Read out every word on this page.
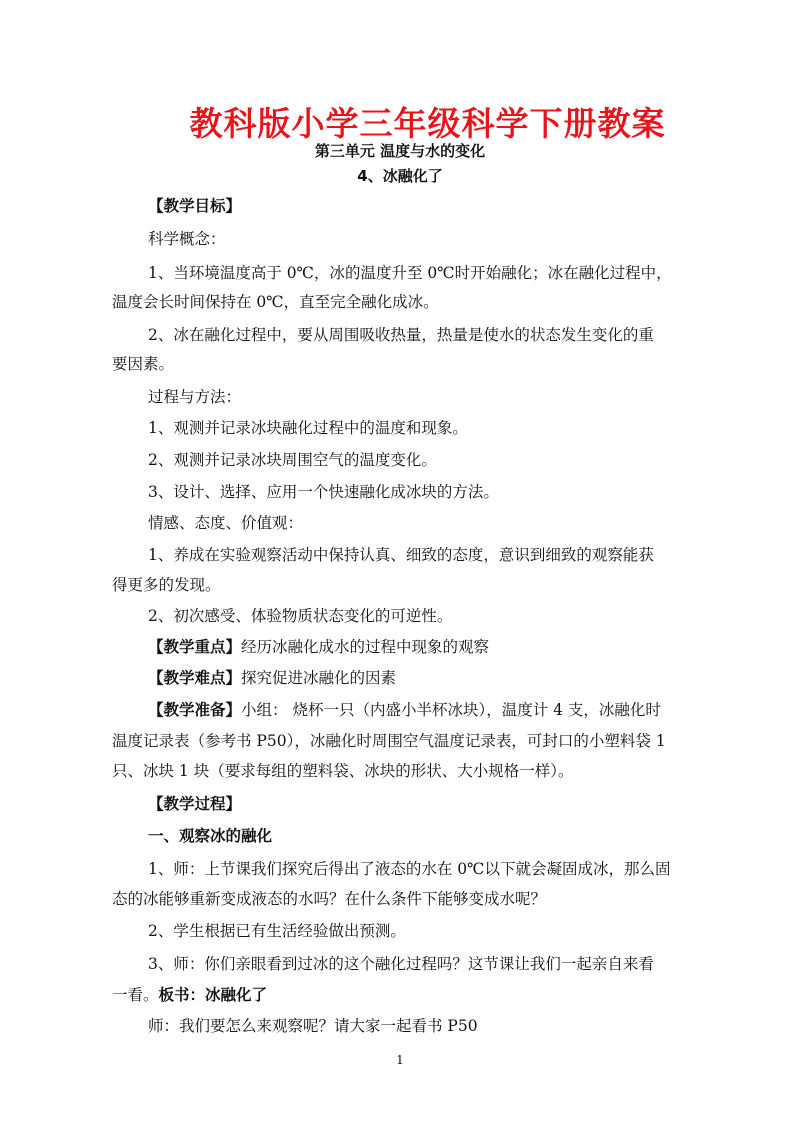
教科版小学三年级科学下册教案
第三单元 温度与水的变化
4、冰融化了
【教学目标】
科学概念：
1、当环境温度高于 0℃，冰的温度升至 0℃时开始融化；冰在融化过程中，
温度会长时间保持在 0℃，直至完全融化成冰。
2、冰在融化过程中，要从周围吸收热量，热量是使水的状态发生变化的重
要因素。
过程与方法：
1、观测并记录冰块融化过程中的温度和现象。
2、观测并记录冰块周围空气的温度变化。
3、设计、选择、应用一个快速融化成冰块的方法。
情感、态度、价值观：
1、养成在实验观察活动中保持认真、细致的态度，意识到细致的观察能获
得更多的发现。
2、初次感受、体验物质状态变化的可逆性。
【教学重点】经历冰融化成水的过程中现象的观察
【教学难点】探究促进冰融化的因素
【教学准备】小组： 烧杯一只（内盛小半杯冰块），温度计 4 支，冰融化时
温度记录表（参考书 P50），冰融化时周围空气温度记录表，可封口的小塑料袋 1
只、冰块 1 块（要求每组的塑料袋、冰块的形状、大小规格一样）。
【教学过程】
一、观察冰的融化
1、师：上节课我们探究后得出了液态的水在 0℃以下就会凝固成冰，那么固
态的冰能够重新变成液态的水吗？在什么条件下能够变成水呢？
2、学生根据已有生活经验做出预测。
3、师：你们亲眼看到过冰的这个融化过程吗？这节课让我们一起亲自来看
一看。板书：冰融化了
师：我们要怎么来观察呢？请大家一起看书 P50
1
